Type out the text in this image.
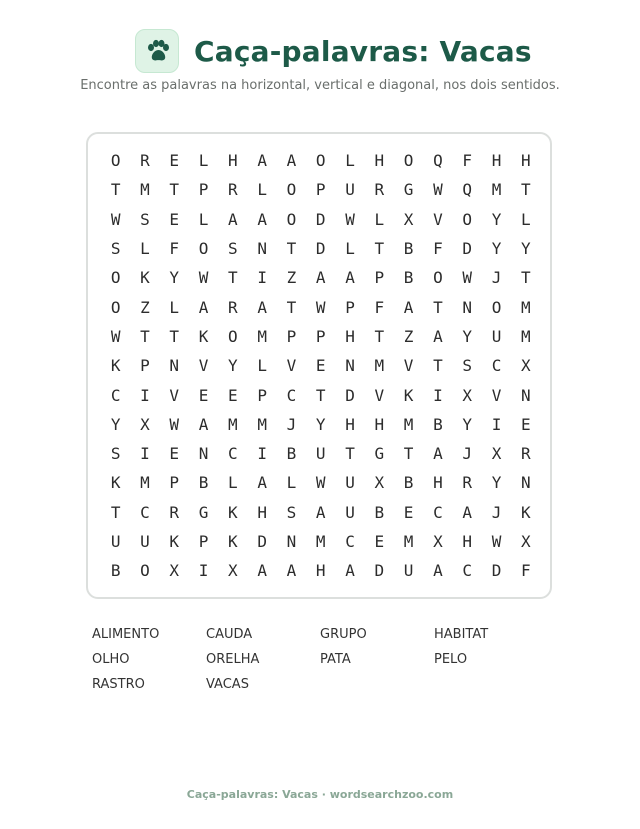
Caça-palavras: Vacas
Encontre as palavras na horizontal, vertical e diagonal, nos dois sentidos.
O	R	E	L	H	A	A	O	L	H	O	Q	F	H	H
T	M	T	P	R	L	O	P	U	R	G	W	Q	M	T
W	S	E	L	A	A	O	D	W	L	X	V	O	Y	L
S	L	F	O	S	N	T	D	L	T	B	F	D	Y	Y
O	K	Y	W	T	I	Z	A	A	P	B	O	W	J	T
O	Z	L	A	R	A	T	W	P	F	A	T	N	O	M
W	T	T	K	O	M	P	P	H	T	Z	A	Y	U	M
K	P	N	V	Y	L	V	E	N	M	V	T	S	C	X
C	I	V	E	E	P	C	T	D	V	K	I	X	V	N
Y	X	W	A	M	M	J	Y	H	H	M	B	Y	I	E
S	I	E	N	C	I	B	U	T	G	T	A	J	X	R
K	M	P	B	L	A	L	W	U	X	B	H	R	Y	N
T	C	R	G	K	H	S	A	U	B	E	C	A	J	K
U	U	K	P	K	D	N	M	C	E	M	X	H	W	X
B	O	X	I	X	A	A	H	A	D	U	A	C	D	F
ALIMENTO	CAUDA	GRUPO	HABITAT
OLHO	ORELHA	PATA	PELO
RASTRO	VACAS
Caça-palavras: Vacas · wordsearchzoo.com
